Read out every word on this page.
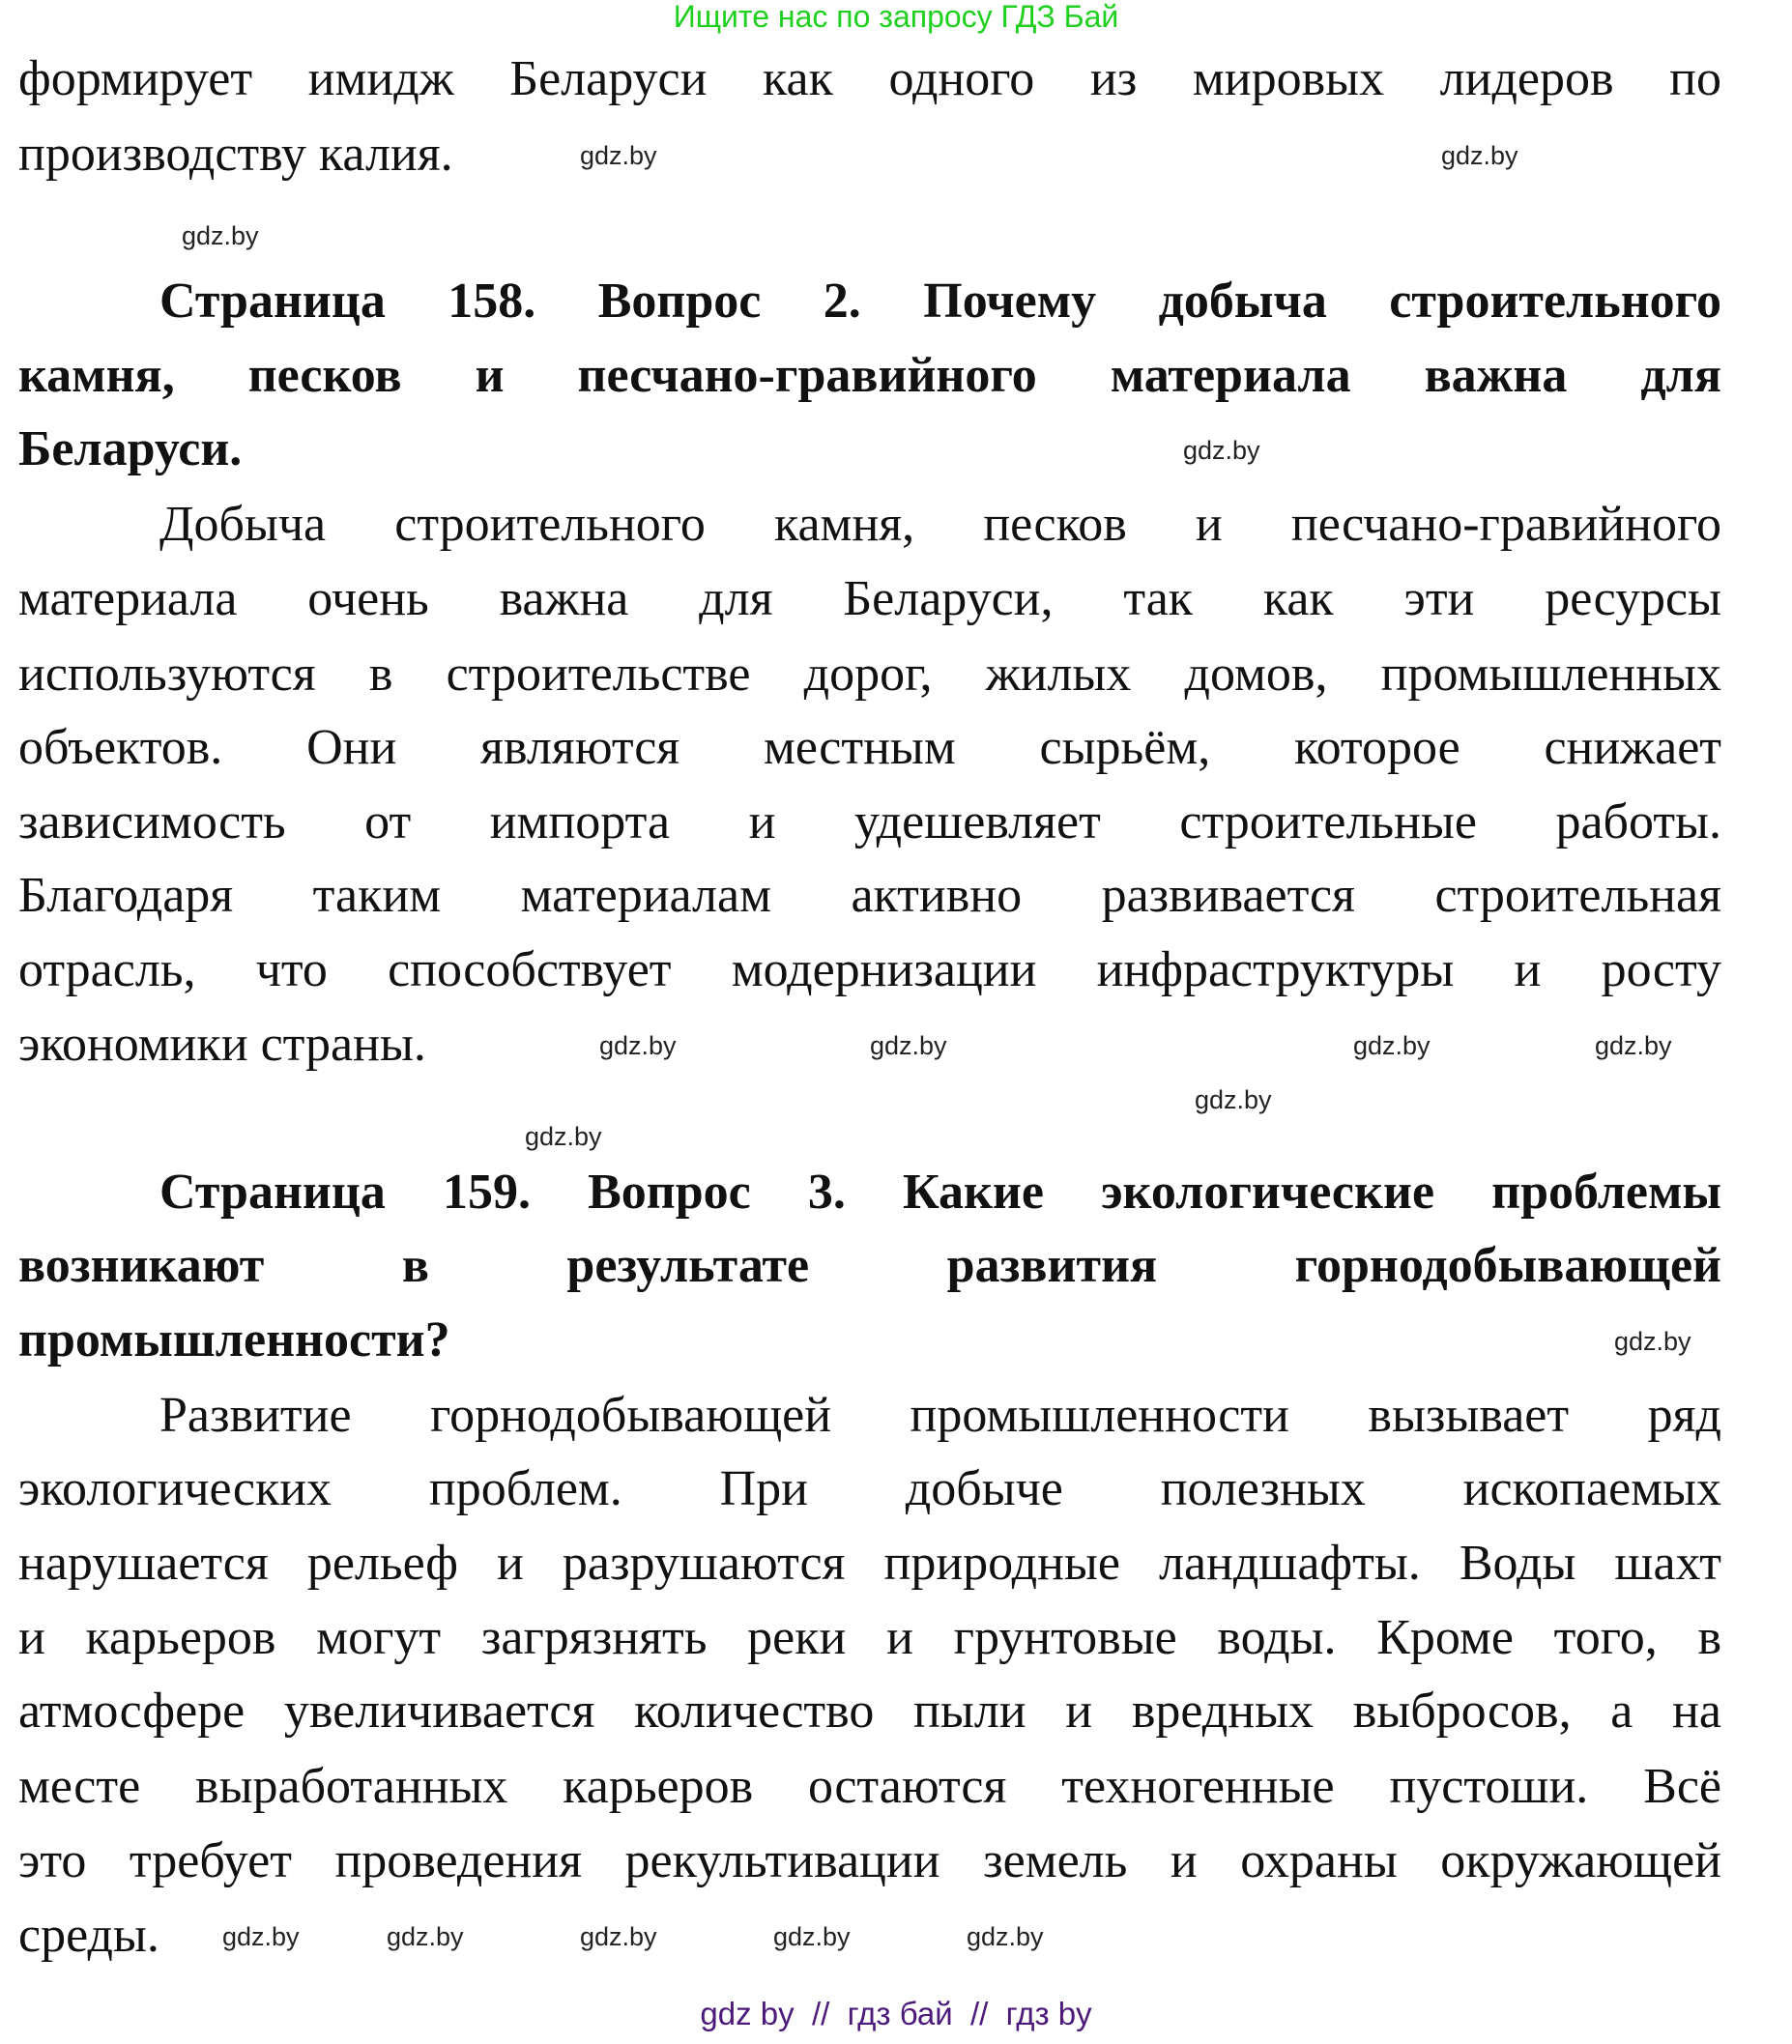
Ищите нас по запросу ГДЗ Бай
формирует имидж Беларуси как одного из мировых лидеров по
производству калия.
Страница 158. Вопрос 2. Почему добыча строительного
камня, песков и песчано-гравийного материала важна для
Беларуси.
Добыча строительного камня, песков и песчано-гравийного
материала очень важна для Беларуси, так как эти ресурсы
используются в строительстве дорог, жилых домов, промышленных
объектов. Они являются местным сырьём, которое снижает
зависимость от импорта и удешевляет строительные работы.
Благодаря таким материалам активно развивается строительная
отрасль, что способствует модернизации инфраструктуры и росту
экономики страны.
Страница 159. Вопрос 3. Какие экологические проблемы
возникают в результате развития горнодобывающей
промышленности?
Развитие горнодобывающей промышленности вызывает ряд
экологических проблем. При добыче полезных ископаемых
нарушается рельеф и разрушаются природные ландшафты. Воды шахт
и карьеров могут загрязнять реки и грунтовые воды. Кроме того, в
атмосфере увеличивается количество пыли и вредных выбросов, а на
месте выработанных карьеров остаются техногенные пустоши. Всё
это требует проведения рекультивации земель и охраны окружающей
среды.
gdz.by
gdz.by
gdz.by
gdz.by
gdz.by	gdz.by	gdz.by	gdz.by
gdz.by
gdz.by
gdz.by
gdz.by	gdz.by	gdz.by	gdz.by
gdz.by
gdz by  //  гдз бай  //  гдз by
